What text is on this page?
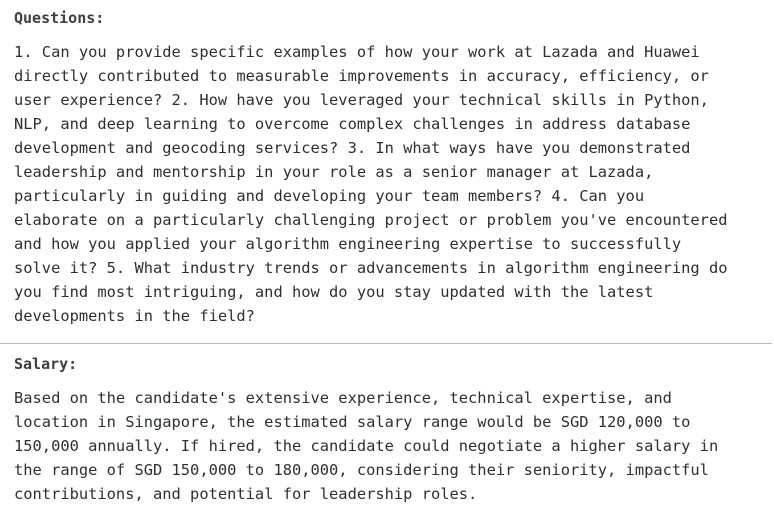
Questions:

1. Can you provide specific examples of how your work at Lazada and Huawei
directly contributed to measurable improvements in accuracy, efficiency, or
user experience? 2. How have you leveraged your technical skills in Python,
NLP, and deep learning to overcome complex challenges in address database
development and geocoding services? 3. In what ways have you demonstrated
leadership and mentorship in your role as a senior manager at Lazada,
particularly in guiding and developing your team members? 4. Can you
elaborate on a particularly challenging project or problem you've encountered
and how you applied your algorithm engineering expertise to successfully
solve it? 5. What industry trends or advancements in algorithm engineering do
you find most intriguing, and how do you stay updated with the latest
developments in the field?

Salary:

Based on the candidate's extensive experience, technical expertise, and
location in Singapore, the estimated salary range would be SGD 120,000 to
150,000 annually. If hired, the candidate could negotiate a higher salary in
the range of SGD 150,000 to 180,000, considering their seniority, impactful
contributions, and potential for leadership roles.
